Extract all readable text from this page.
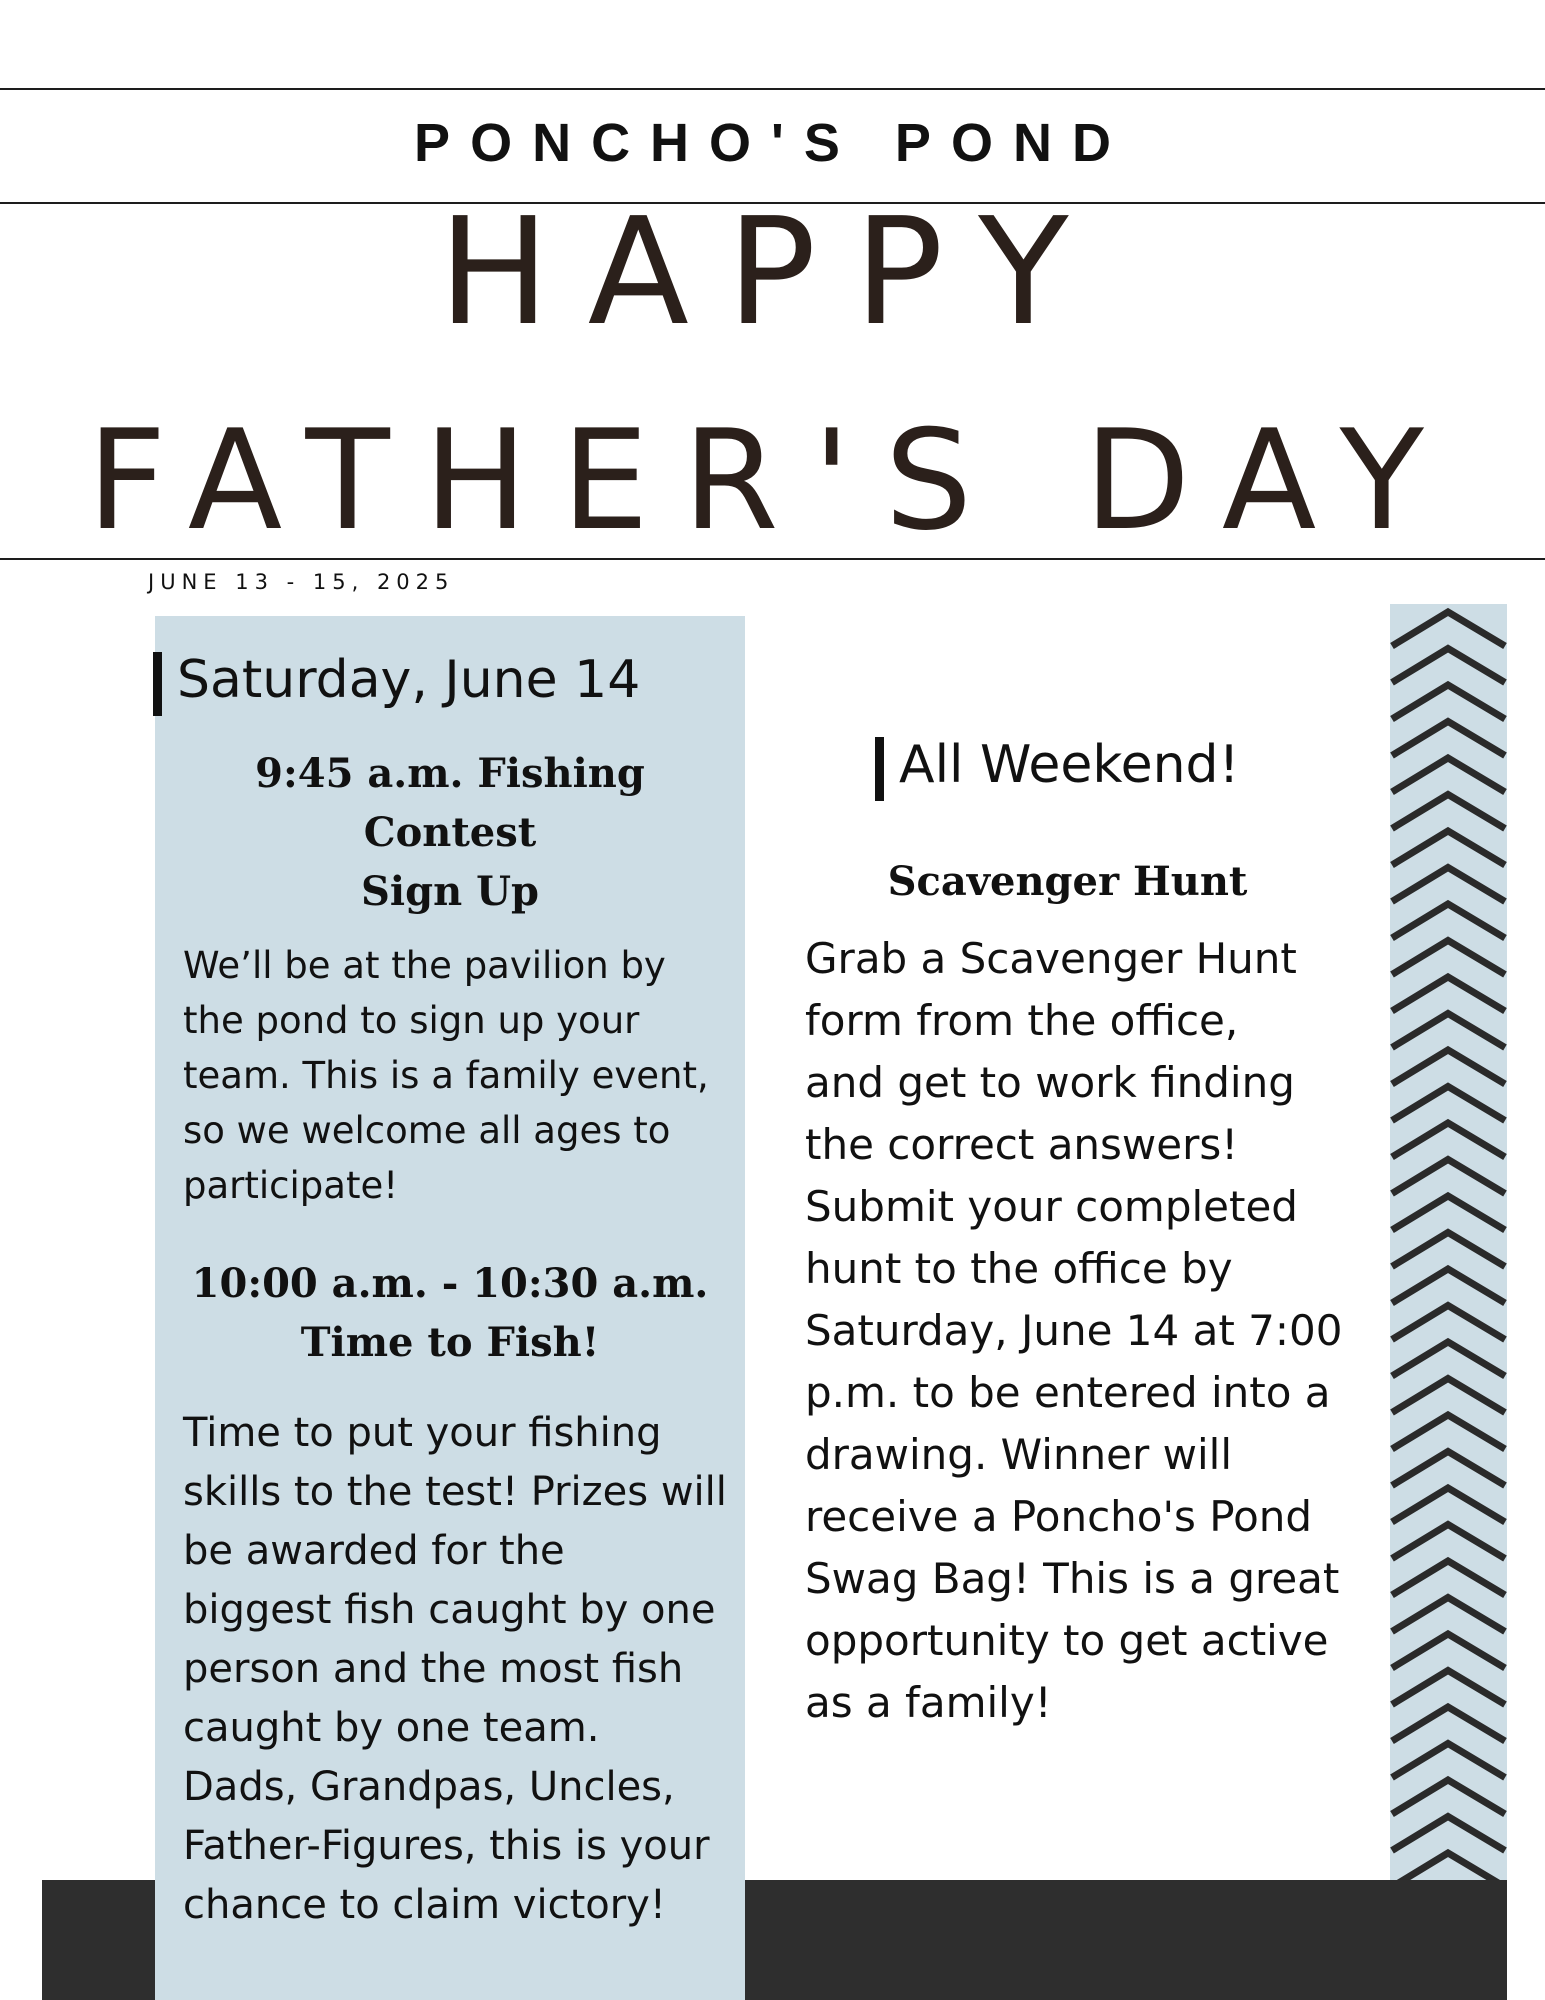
PONCHO'S POND
HAPPY
FATHER'S DAY
JUNE 13 - 15, 2025
Saturday, June 14
9:45 a.m. Fishing
Contest
Sign Up
We’ll be at the pavilion by
the pond to sign up your
team. This is a family event,
so we welcome all ages to
participate!
10:00 a.m. - 10:30 a.m.
Time to Fish!
Time to put your fishing
skills to the test! Prizes will
be awarded for the
biggest fish caught by one
person and the most fish
caught by one team.
Dads, Grandpas, Uncles,
Father-Figures, this is your
chance to claim victory!
All Weekend!
Scavenger Hunt
Grab a Scavenger Hunt
form from the office,
and get to work finding
the correct answers!
Submit your completed
hunt to the office by
Saturday, June 14 at 7:00
p.m. to be entered into a
drawing. Winner will
receive a Poncho's Pond
Swag Bag! This is a great
opportunity to get active
as a family!
